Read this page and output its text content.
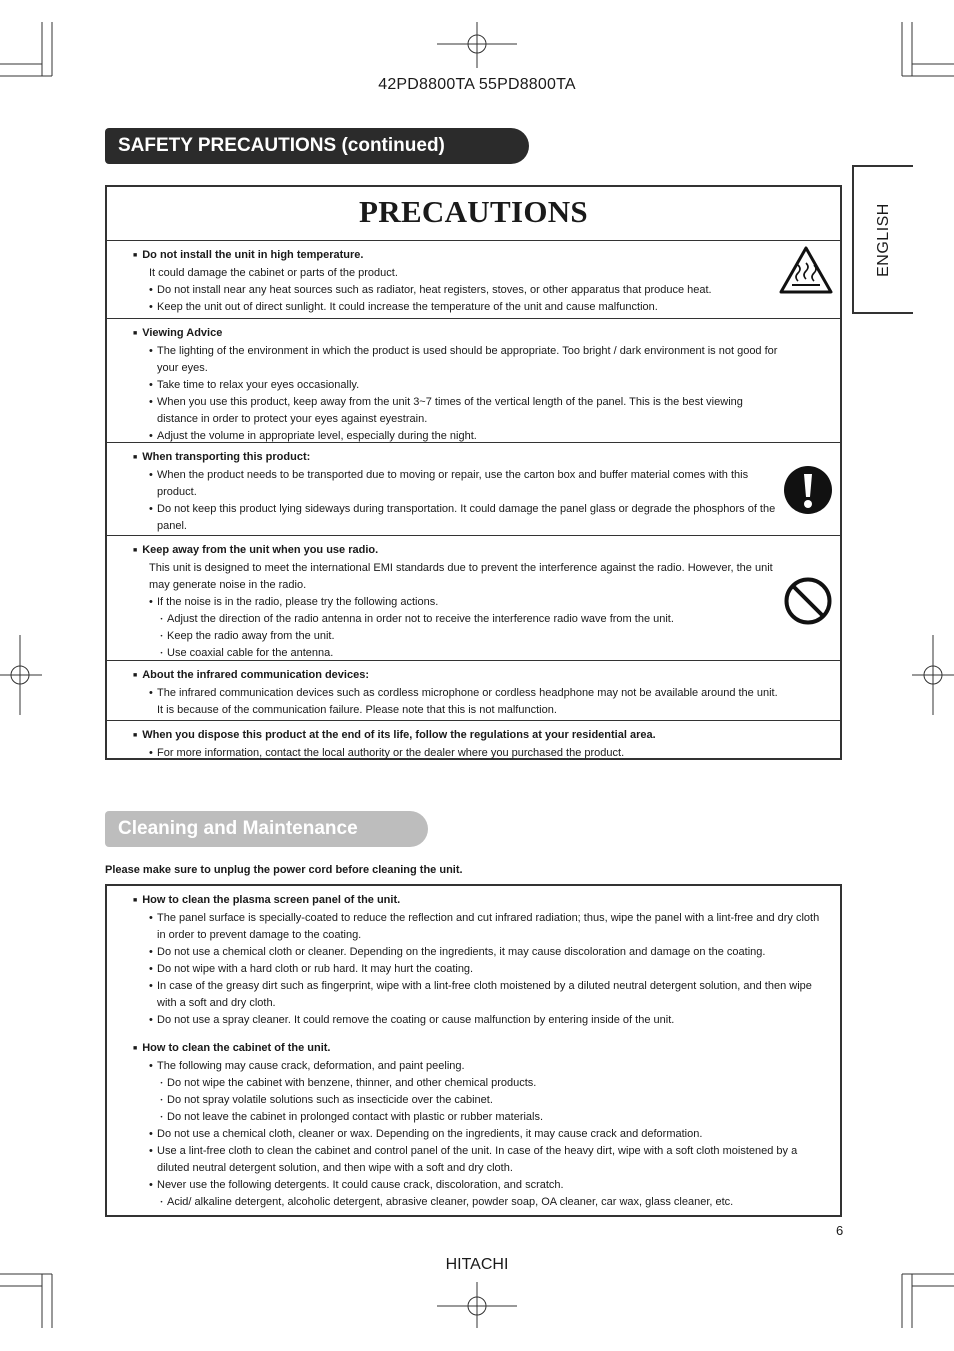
42PD8800TA 55PD8800TA
SAFETY PRECAUTIONS (continued)
ENGLISH
PRECAUTIONS
■ Do not install the unit in high temperature.
It could damage the cabinet or parts of the product.
• Do not install near any heat sources such as radiator, heat registers, stoves, or other apparatus that produce heat.
• Keep the unit out of direct sunlight. It could increase the temperature of the unit and cause malfunction.
■ Viewing Advice
• The lighting of the environment in which the product is used should be appropriate. Too bright / dark environment is not good for your eyes.
• Take time to relax your eyes occasionally.
• When you use this product, keep away from the unit 3~7 times of the vertical length of the panel. This is the best viewing distance in order to protect your eyes against eyestrain.
• Adjust the volume in appropriate level, especially during the night.
■ When transporting this product:
• When the product needs to be transported due to moving or repair, use the carton box and buffer material comes with this product.
• Do not keep this product lying sideways during transportation. It could damage the panel glass or degrade the phosphors of the panel.
■ Keep away from the unit when you use radio.
This unit is designed to meet the international EMI standards due to prevent the interference against the radio. However, the unit may generate noise in the radio.
• If the noise is in the radio, please try the following actions.
・ Adjust the direction of the radio antenna in order not to receive the interference radio wave from the unit.
・ Keep the radio away from the unit.
・ Use coaxial cable for the antenna.
■ About the infrared communication devices:
• The infrared communication devices such as cordless microphone or cordless headphone may not be available around the unit. It is because of the communication failure. Please note that this is not malfunction.
■ When you dispose this product at the end of its life, follow the regulations at your residential area.
• For more information, contact the local authority or the dealer where you purchased the product.
Cleaning and Maintenance
Please make sure to unplug the power cord before cleaning the unit.
■ How to clean the plasma screen panel of the unit.
• The panel surface is specially-coated to reduce the reflection and cut infrared radiation; thus, wipe the panel with a lint-free and dry cloth in order to prevent damage to the coating.
• Do not use a chemical cloth or cleaner. Depending on the ingredients, it may cause discoloration and damage on the coating.
• Do not wipe with a hard cloth or rub hard. It may hurt the coating.
• In case of the greasy dirt such as fingerprint, wipe with a lint-free cloth moistened by a diluted neutral detergent solution, and then wipe with a soft and dry cloth.
• Do not use a spray cleaner. It could remove the coating or cause malfunction by entering inside of the unit.
■ How to clean the cabinet of the unit.
• The following may cause crack, deformation, and paint peeling.
・ Do not wipe the cabinet with benzene, thinner, and other chemical products.
・ Do not spray volatile solutions such as insecticide over the cabinet.
・ Do not leave the cabinet in prolonged contact with plastic or rubber materials.
• Do not use a chemical cloth, cleaner or wax. Depending on the ingredients, it may cause crack and deformation.
• Use a lint-free cloth to clean the cabinet and control panel of the unit. In case of the heavy dirt, wipe with a soft cloth moistened by a diluted neutral detergent solution, and then wipe with a soft and dry cloth.
• Never use the following detergents. It could cause crack, discoloration, and scratch.
・ Acid/ alkaline detergent, alcoholic detergent, abrasive cleaner, powder soap, OA cleaner, car wax, glass cleaner, etc.
6
HITACHI
